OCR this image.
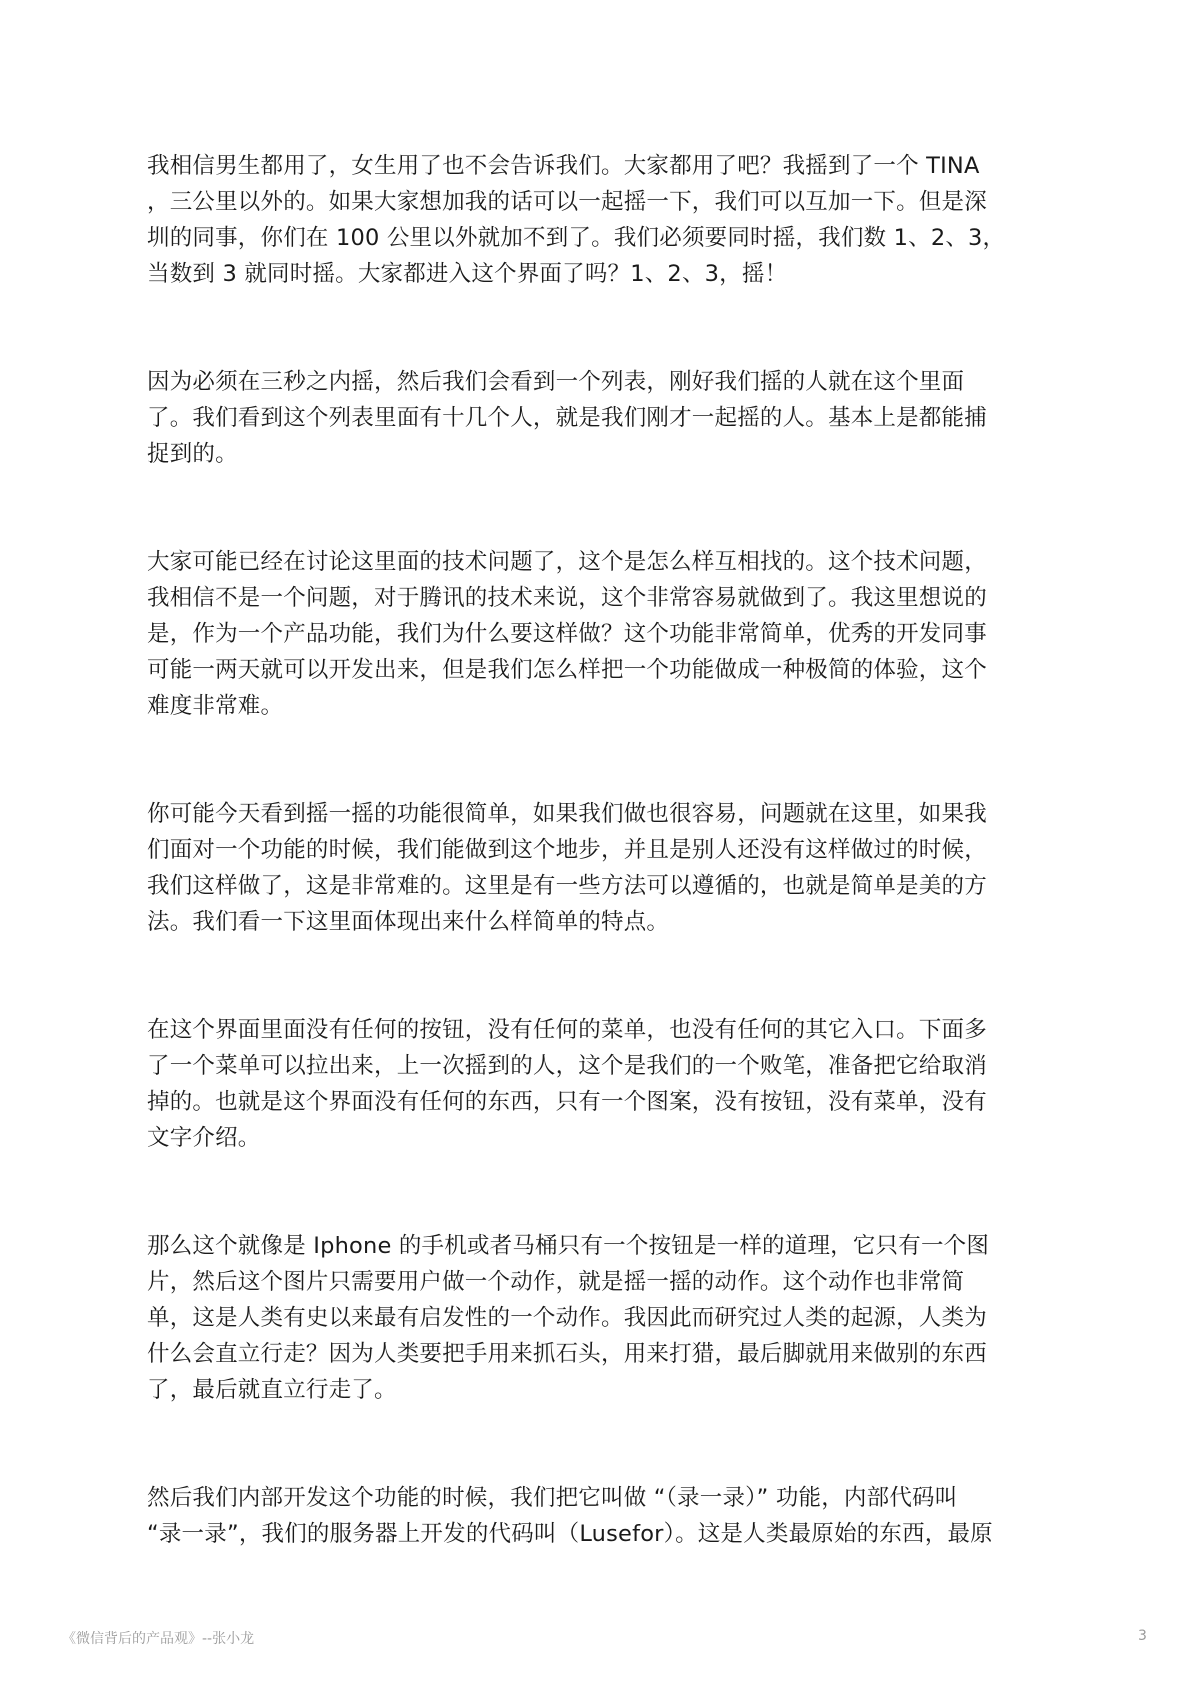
我相信男生都用了，女生用了也不会告诉我们。大家都用了吧？我摇到了一个 TINA
，三公里以外的。如果大家想加我的话可以一起摇一下，我们可以互加一下。但是深
圳的同事，你们在 100 公里以外就加不到了。我们必须要同时摇，我们数 1、2、3，
当数到 3 就同时摇。大家都进入这个界面了吗？1、2、3，摇！
因为必须在三秒之内摇，然后我们会看到一个列表，刚好我们摇的人就在这个里面
了。我们看到这个列表里面有十几个人，就是我们刚才一起摇的人。基本上是都能捕
捉到的。
大家可能已经在讨论这里面的技术问题了，这个是怎么样互相找的。这个技术问题，
我相信不是一个问题，对于腾讯的技术来说，这个非常容易就做到了。我这里想说的
是，作为一个产品功能，我们为什么要这样做？这个功能非常简单，优秀的开发同事
可能一两天就可以开发出来，但是我们怎么样把一个功能做成一种极简的体验，这个
难度非常难。
你可能今天看到摇一摇的功能很简单，如果我们做也很容易，问题就在这里，如果我
们面对一个功能的时候，我们能做到这个地步，并且是别人还没有这样做过的时候，
我们这样做了，这是非常难的。这里是有一些方法可以遵循的，也就是简单是美的方
法。我们看一下这里面体现出来什么样简单的特点。
在这个界面里面没有任何的按钮，没有任何的菜单，也没有任何的其它入口。下面多
了一个菜单可以拉出来，上一次摇到的人，这个是我们的一个败笔，准备把它给取消
掉的。也就是这个界面没有任何的东西，只有一个图案，没有按钮，没有菜单，没有
文字介绍。
那么这个就像是 Iphone 的手机或者马桶只有一个按钮是一样的道理，它只有一个图
片，然后这个图片只需要用户做一个动作，就是摇一摇的动作。这个动作也非常简
单，这是人类有史以来最有启发性的一个动作。我因此而研究过人类的起源，人类为
什么会直立行走？因为人类要把手用来抓石头，用来打猎，最后脚就用来做别的东西
了，最后就直立行走了。
然后我们内部开发这个功能的时候，我们把它叫做 “（录一录）” 功能，内部代码叫
“录一录”，我们的服务器上开发的代码叫（Lusefor）。这是人类最原始的东西，最原
《微信背后的产品观》--张小龙	3
